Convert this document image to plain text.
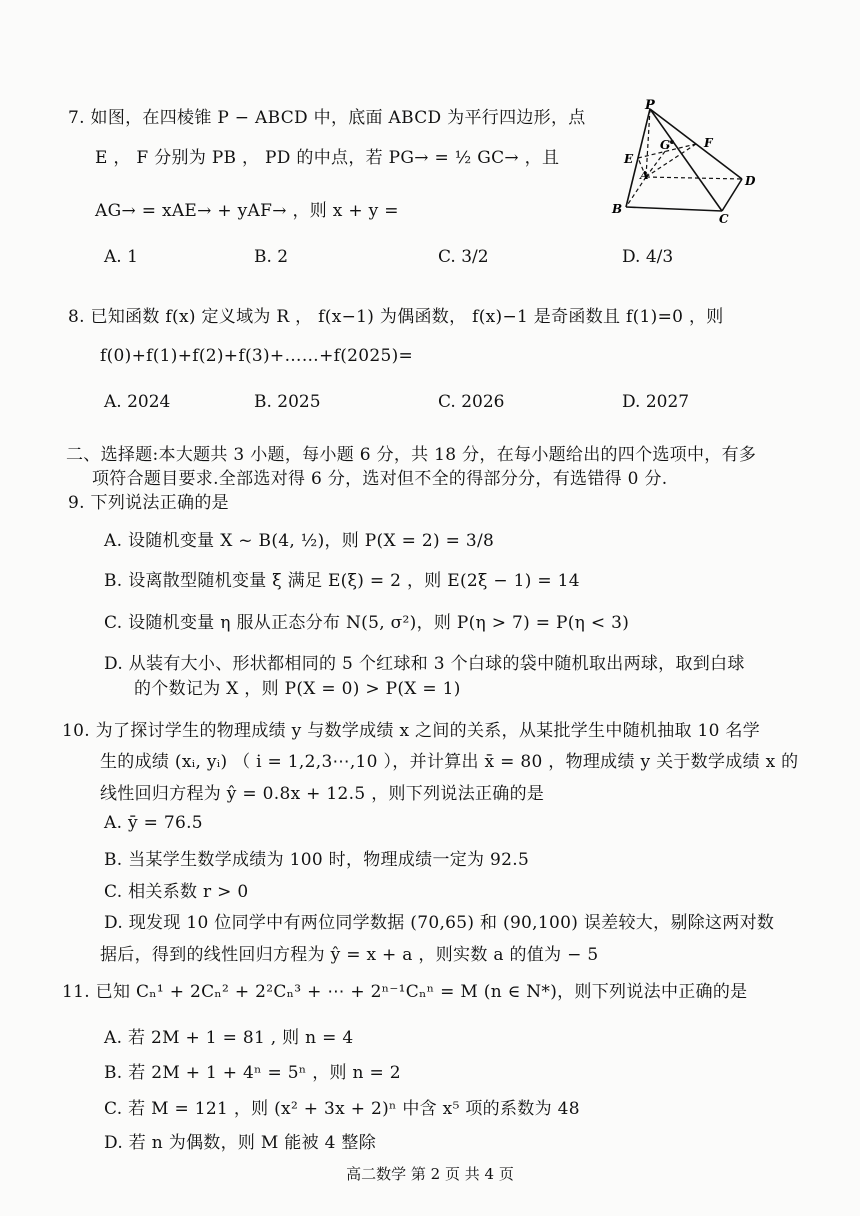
7. 如图，在四棱锥 P − ABCD 中，底面 ABCD 为平行四边形，点
E ， F 分别为 PB ， PD 的中点，若 PG→ = ½ GC→ ，且
AG→ = xAE→ + yAF→ ，则 x + y =
A. 1	B. 2	C. 3/2	D. 4/3
P
E
G	F
A	D
B
C
8. 已知函数 f(x) 定义域为 R ， f(x−1) 为偶函数， f(x)−1 是奇函数且 f(1)=0 ，则
f(0)+f(1)+f(2)+f(3)+……+f(2025)=
A. 2024	B. 2025	C. 2026	D. 2027
二、选择题:本大题共 3 小题，每小题 6 分，共 18 分，在每小题给出的四个选项中，有多
项符合题目要求.全部选对得 6 分，选对但不全的得部分分，有选错得 0 分.
9. 下列说法正确的是
A. 设随机变量 X ~ B(4, ½)，则 P(X = 2) = 3/8
B. 设离散型随机变量 ξ 满足 E(ξ) = 2 ，则 E(2ξ − 1) = 14
C. 设随机变量 η 服从正态分布 N(5, σ²)，则 P(η > 7) = P(η < 3)
D. 从装有大小、形状都相同的 5 个红球和 3 个白球的袋中随机取出两球，取到白球
的个数记为 X ，则 P(X = 0) > P(X = 1)
10. 为了探讨学生的物理成绩 y 与数学成绩 x 之间的关系，从某批学生中随机抽取 10 名学
生的成绩 (xᵢ, yᵢ) （ i = 1,2,3⋯,10 ），并计算出 x̄ = 80 ，物理成绩 y 关于数学成绩 x 的
线性回归方程为 ŷ = 0.8x + 12.5 ，则下列说法正确的是
A. ȳ = 76.5
B. 当某学生数学成绩为 100 时，物理成绩一定为 92.5
C. 相关系数 r > 0
D. 现发现 10 位同学中有两位同学数据 (70,65) 和 (90,100) 误差较大，剔除这两对数
据后，得到的线性回归方程为 ŷ = x + a ，则实数 a 的值为 − 5
11. 已知 Cₙ¹ + 2Cₙ² + 2²Cₙ³ + ⋯ + 2ⁿ⁻¹Cₙⁿ = M (n ∈ N*)，则下列说法中正确的是
A. 若 2M + 1 = 81 , 则 n = 4
B. 若 2M + 1 + 4ⁿ = 5ⁿ ，则 n = 2
C. 若 M = 121 ，则 (x² + 3x + 2)ⁿ 中含 x⁵ 项的系数为 48
D. 若 n 为偶数，则 M 能被 4 整除
高二数学 第 2 页 共 4 页
